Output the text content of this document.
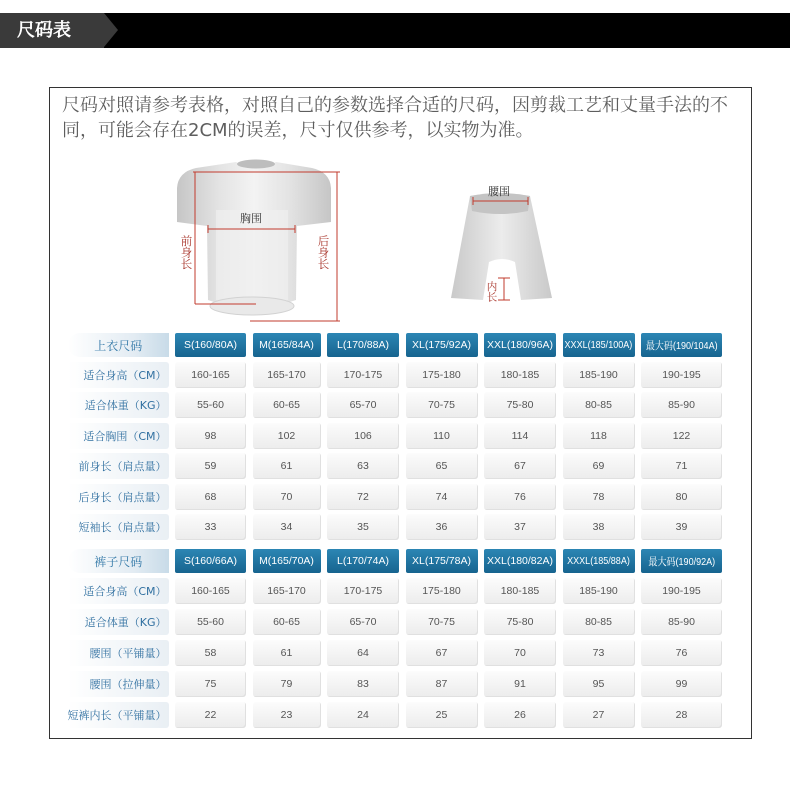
尺码表
尺码对照请参考表格，对照自己的参数选择合适的尺码，因剪裁工艺和丈量手法的不同，可能会存在2CM的误差，尺寸仅供参考，以实物为准。
胸围
前身长	后身长
腰围
内长
上衣尺码	S(160/80A) M(165/84A) L(170/88A) XL(175/92A) XXL(180/96A) XXXL(185/100A) 最大码(190/104A)
适合身高（CM）	160-165	165-170	170-175	175-180	180-185	185-190	190-195
适合体重（KG）	55-60	60-65	65-70	70-75	75-80	80-85	85-90
适合胸围（CM）	98	102	106	110	114	118	122
前身长（肩点量）	59	61	63	65	67	69	71
后身长（肩点量）	68	70	72	74	76	78	80
短袖长（肩点量）	33	34	35	36	37	38	39
裤子尺码	S(160/66A) M(165/70A) L(170/74A) XL(175/78A) XXL(180/82A) XXXL(185/88A) 最大码(190/92A)
适合身高（CM）	160-165	165-170	170-175	175-180	180-185	185-190	190-195
适合体重（KG）	55-60	60-65	65-70	70-75	75-80	80-85	85-90
腰围（平铺量）	58	61	64	67	70	73	76
腰围（拉伸量）	75	79	83	87	91	95	99
短裤内长（平铺量）	22	23	24	25	26	27	28
